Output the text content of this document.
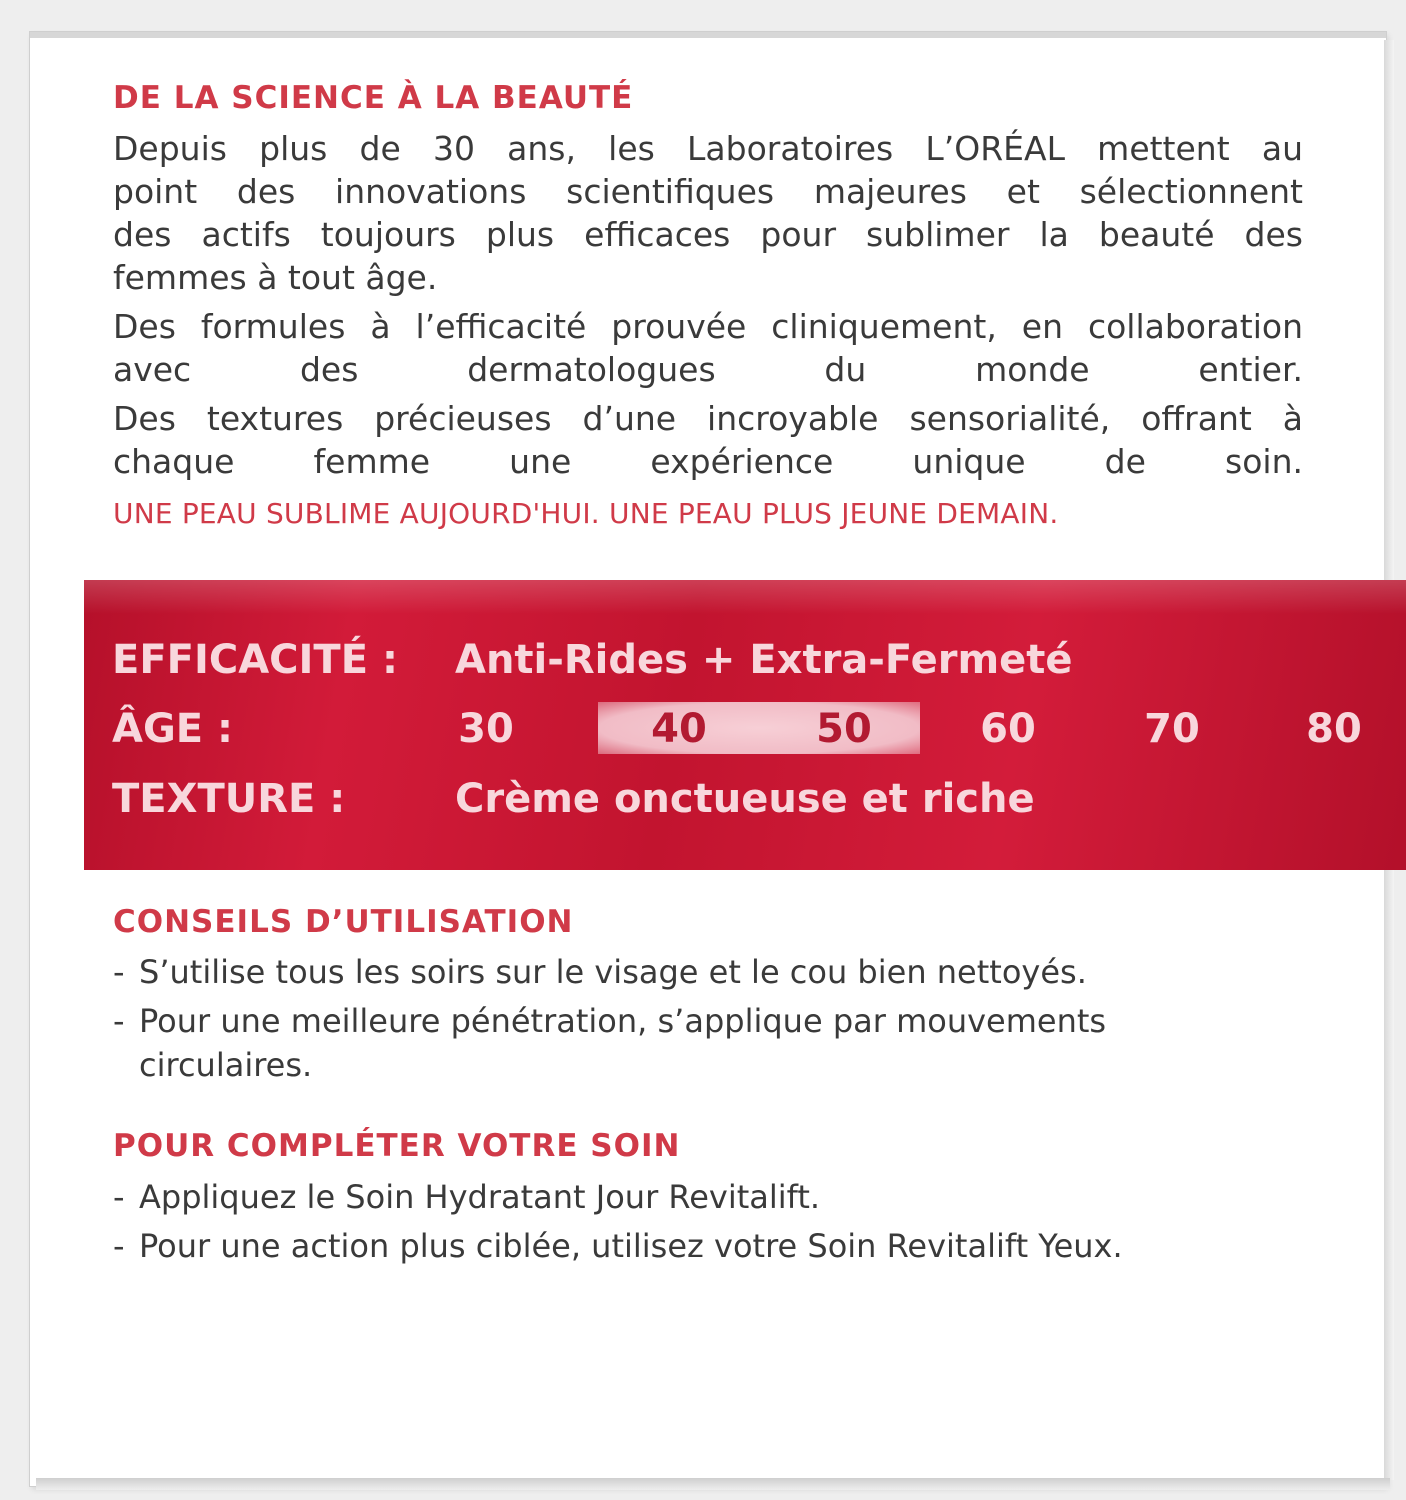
DE LA SCIENCE À LA BEAUTÉ

Depuis plus de 30 ans, les Laboratoires L’ORÉAL mettent au
point des innovations scientifiques majeures et sélectionnent
des actifs toujours plus efficaces pour sublimer la beauté des
femmes à tout âge.

Des formules à l’efficacité prouvée cliniquement, en collaboration
avec des dermatologues du monde entier.

Des textures précieuses d’une incroyable sensorialité, offrant à
chaque femme une expérience unique de soin.

UNE PEAU SUBLIME AUJOURD'HUI. UNE PEAU PLUS JEUNE DEMAIN.

EFFICACITÉ : Anti-Rides + Extra-Fermeté
ÂGE :	30	40	50	60	70	80
TEXTURE :	Crème onctueuse et riche
CONSEILS D’UTILISATION

- S’utilise tous les soirs sur le visage et le cou bien nettoyés.

- Pour une meilleure pénétration, s’applique par mouvements
circulaires.

POUR COMPLÉTER VOTRE SOIN

- Appliquez le Soin Hydratant Jour Revitalift.

- Pour une action plus ciblée, utilisez votre Soin Revitalift Yeux.
